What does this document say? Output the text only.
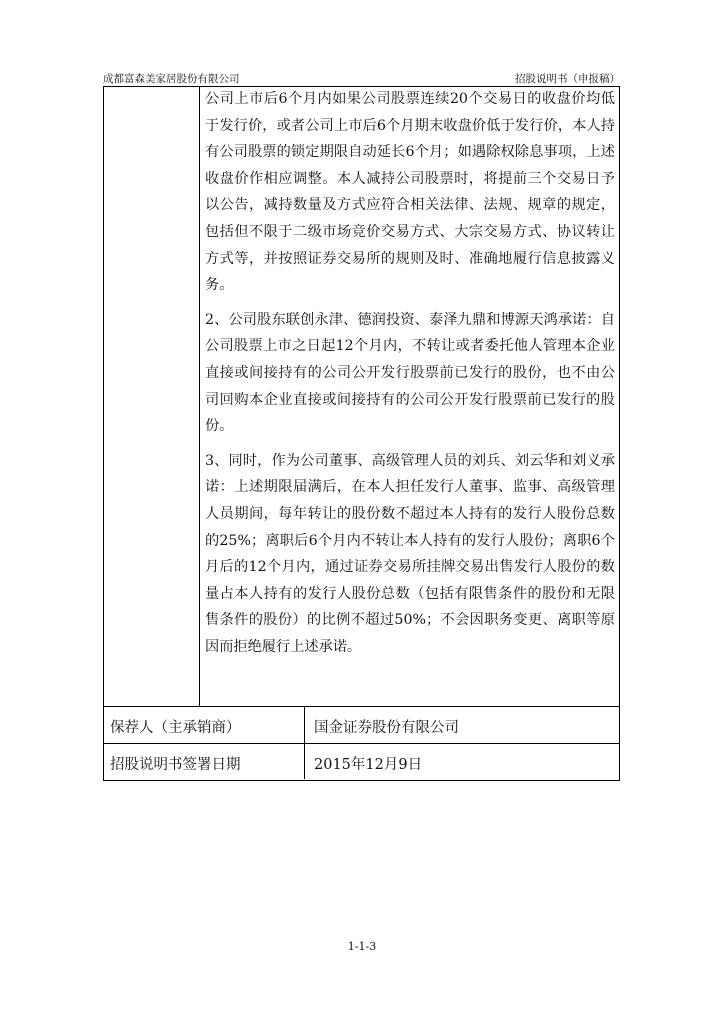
成都富森美家居股份有限公司	招股说明书（申报稿）

公司上市后6个月内如果公司股票连续20个交易日的收盘价均低于发行价，或者公司上市后6个月期末收盘价低于发行价，本人持有公司股票的锁定期限自动延长6个月；如遇除权除息事项，上述收盘价作相应调整。本人减持公司股票时，将提前三个交易日予以公告，减持数量及方式应符合相关法律、法规、规章的规定，包括但不限于二级市场竞价交易方式、大宗交易方式、协议转让方式等，并按照证券交易所的规则及时、准确地履行信息披露义务。

2、公司股东联创永津、德润投资、泰泽九鼎和博源天鸿承诺：自公司股票上市之日起12个月内，不转让或者委托他人管理本企业直接或间接持有的公司公开发行股票前已发行的股份，也不由公司回购本企业直接或间接持有的公司公开发行股票前已发行的股份。

3、同时，作为公司董事、高级管理人员的刘兵、刘云华和刘义承诺：上述期限届满后，在本人担任发行人董事、监事、高级管理人员期间，每年转让的股份数不超过本人持有的发行人股份总数的25%；离职后6个月内不转让本人持有的发行人股份；离职6个月后的12个月内，通过证券交易所挂牌交易出售发行人股份的数量占本人持有的发行人股份总数（包括有限售条件的股份和无限售条件的股份）的比例不超过50%；不会因职务变更、离职等原因而拒绝履行上述承诺。

保荐人（主承销商）	国金证券股份有限公司
招股说明书签署日期	2015年12月9日
1-1-3
